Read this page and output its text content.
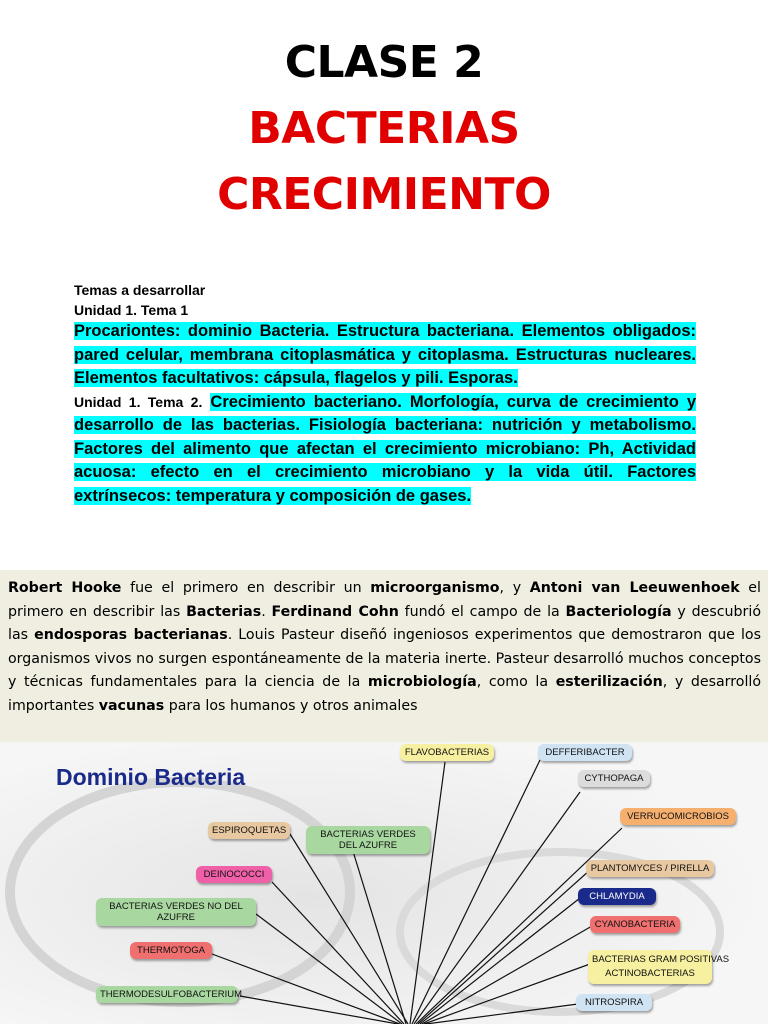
CLASE 2
BACTERIAS
CRECIMIENTO
Temas a desarrollar
Unidad 1. Tema 1
Procariontes: dominio Bacteria. Estructura bacteriana. Elementos obligados: pared celular, membrana citoplasmática y citoplasma. Estructuras nucleares. Elementos facultativos: cápsula, flagelos y pili. Esporas.
Unidad 1. Tema 2. Crecimiento bacteriano. Morfología, curva de crecimiento y desarrollo de las bacterias. Fisiología bacteriana: nutrición y metabolismo. Factores del alimento que afectan el crecimiento microbiano: Ph, Actividad acuosa: efecto en el crecimiento microbiano y la vida útil. Factores extrínsecos: temperatura y composición de gases.
Robert Hooke fue el primero en describir un microorganismo, y Antoni van Leeuwenhoek el primero en describir las Bacterias. Ferdinand Cohn fundó el campo de la Bacteriología y descubrió las endosporas bacterianas. Louis Pasteur diseñó ingeniosos experimentos que demostraron que los organismos vivos no surgen espontáneamente de la materia inerte. Pasteur desarrolló muchos conceptos y técnicas fundamentales para la ciencia de la microbiología, como la esterilización, y desarrolló importantes vacunas para los humanos y otros animales
Dominio Bacteria
FLAVOBACTERIAS	DEFFERIBACTER
CYTHOPAGA
VERRUCOMICROBIOS
ESPIROQUETAS	BACTERIAS VERDES DEL AZUFRE
DEINOCOCCI
PLANTOMYCES / PIRELLA
CHLAMYDIA
BACTERIAS VERDES NO DEL AZUFRE
CYANOBACTERIA
THERMOTOGA
BACTERIAS GRAM POSITIVAS
ACTINOBACTERIAS
THERMODESULFOBACTERIUM
NITROSPIRA
